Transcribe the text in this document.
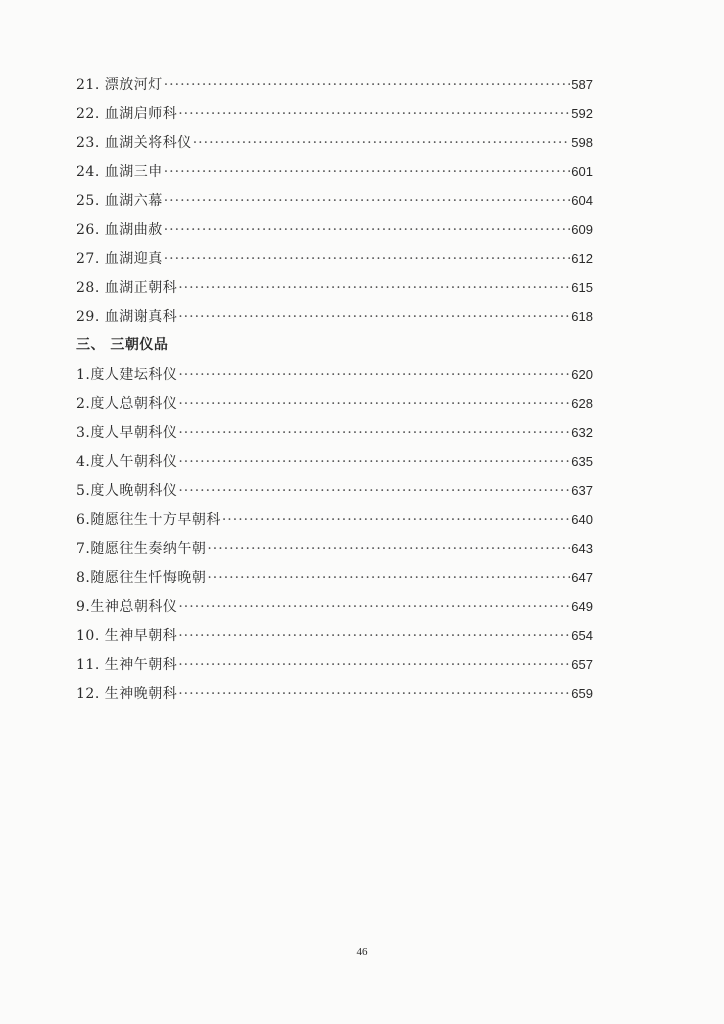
21. 漂放河灯 ·····	587
22. 血湖启师科 ·····	592
23. 血湖关将科仪 ·····	598
24. 血湖三申 ·····	601
25. 血湖六幕 ·····	604
26. 血湖曲赦 ·····	609
27. 血湖迎真 ·····	612
28. 血湖正朝科 ·····	615
29. 血湖谢真科 ·····	618
三、 三朝仪品
1.度人建坛科仪 ·····	620
2.度人总朝科仪 ·····	628
3.度人早朝科仪 ·····	632
4.度人午朝科仪 ·····	635
5.度人晚朝科仪 ·····	637
6.随愿往生十方早朝科 ·····	640
7.随愿往生奏纳午朝 ·····	643
8.随愿往生忏悔晚朝 ·····	647
9.生神总朝科仪 ·····	649
10. 生神早朝科 ·····	654
11. 生神午朝科 ·····	657
12. 生神晚朝科 ·····	659
46
